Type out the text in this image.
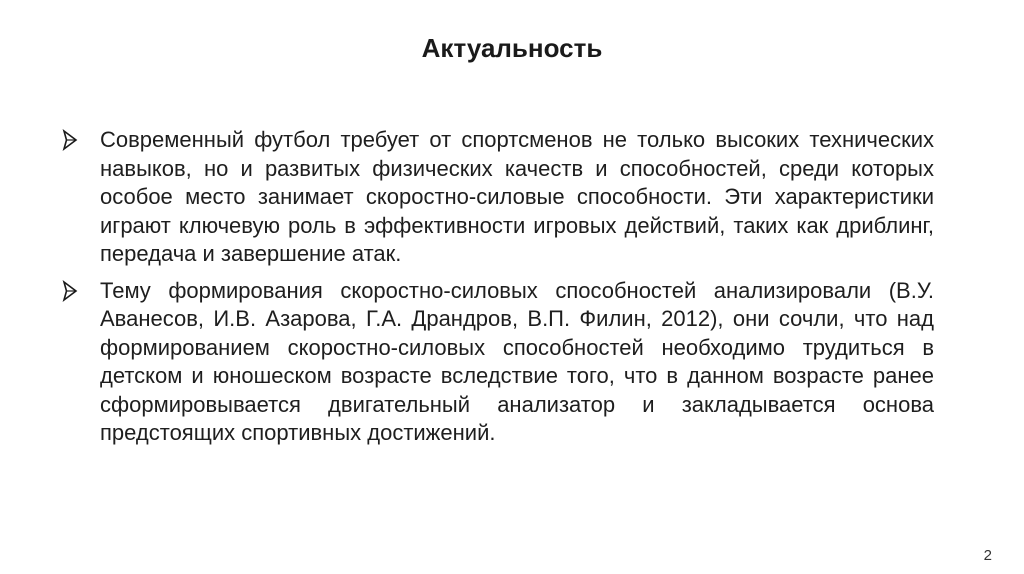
Актуальность
Современный футбол требует от спортсменов не только высоких технических навыков, но и развитых физических качеств и способностей, среди которых особое место занимает скоростно-силовые способности. Эти характеристики играют ключевую роль в эффективности игровых действий, таких как дриблинг, передача и завершение атак.
Тему формирования скоростно-силовых способностей анализировали (В.У. Аванесов, И.В. Азарова, Г.А. Драндров, В.П. Филин, 2012), они сочли, что над формированием скоростно-силовых способностей необходимо трудиться в детском и юношеском возрасте вследствие того, что в данном возрасте ранее сформировывается двигательный анализатор и закладывается основа предстоящих спортивных достижений.
2
